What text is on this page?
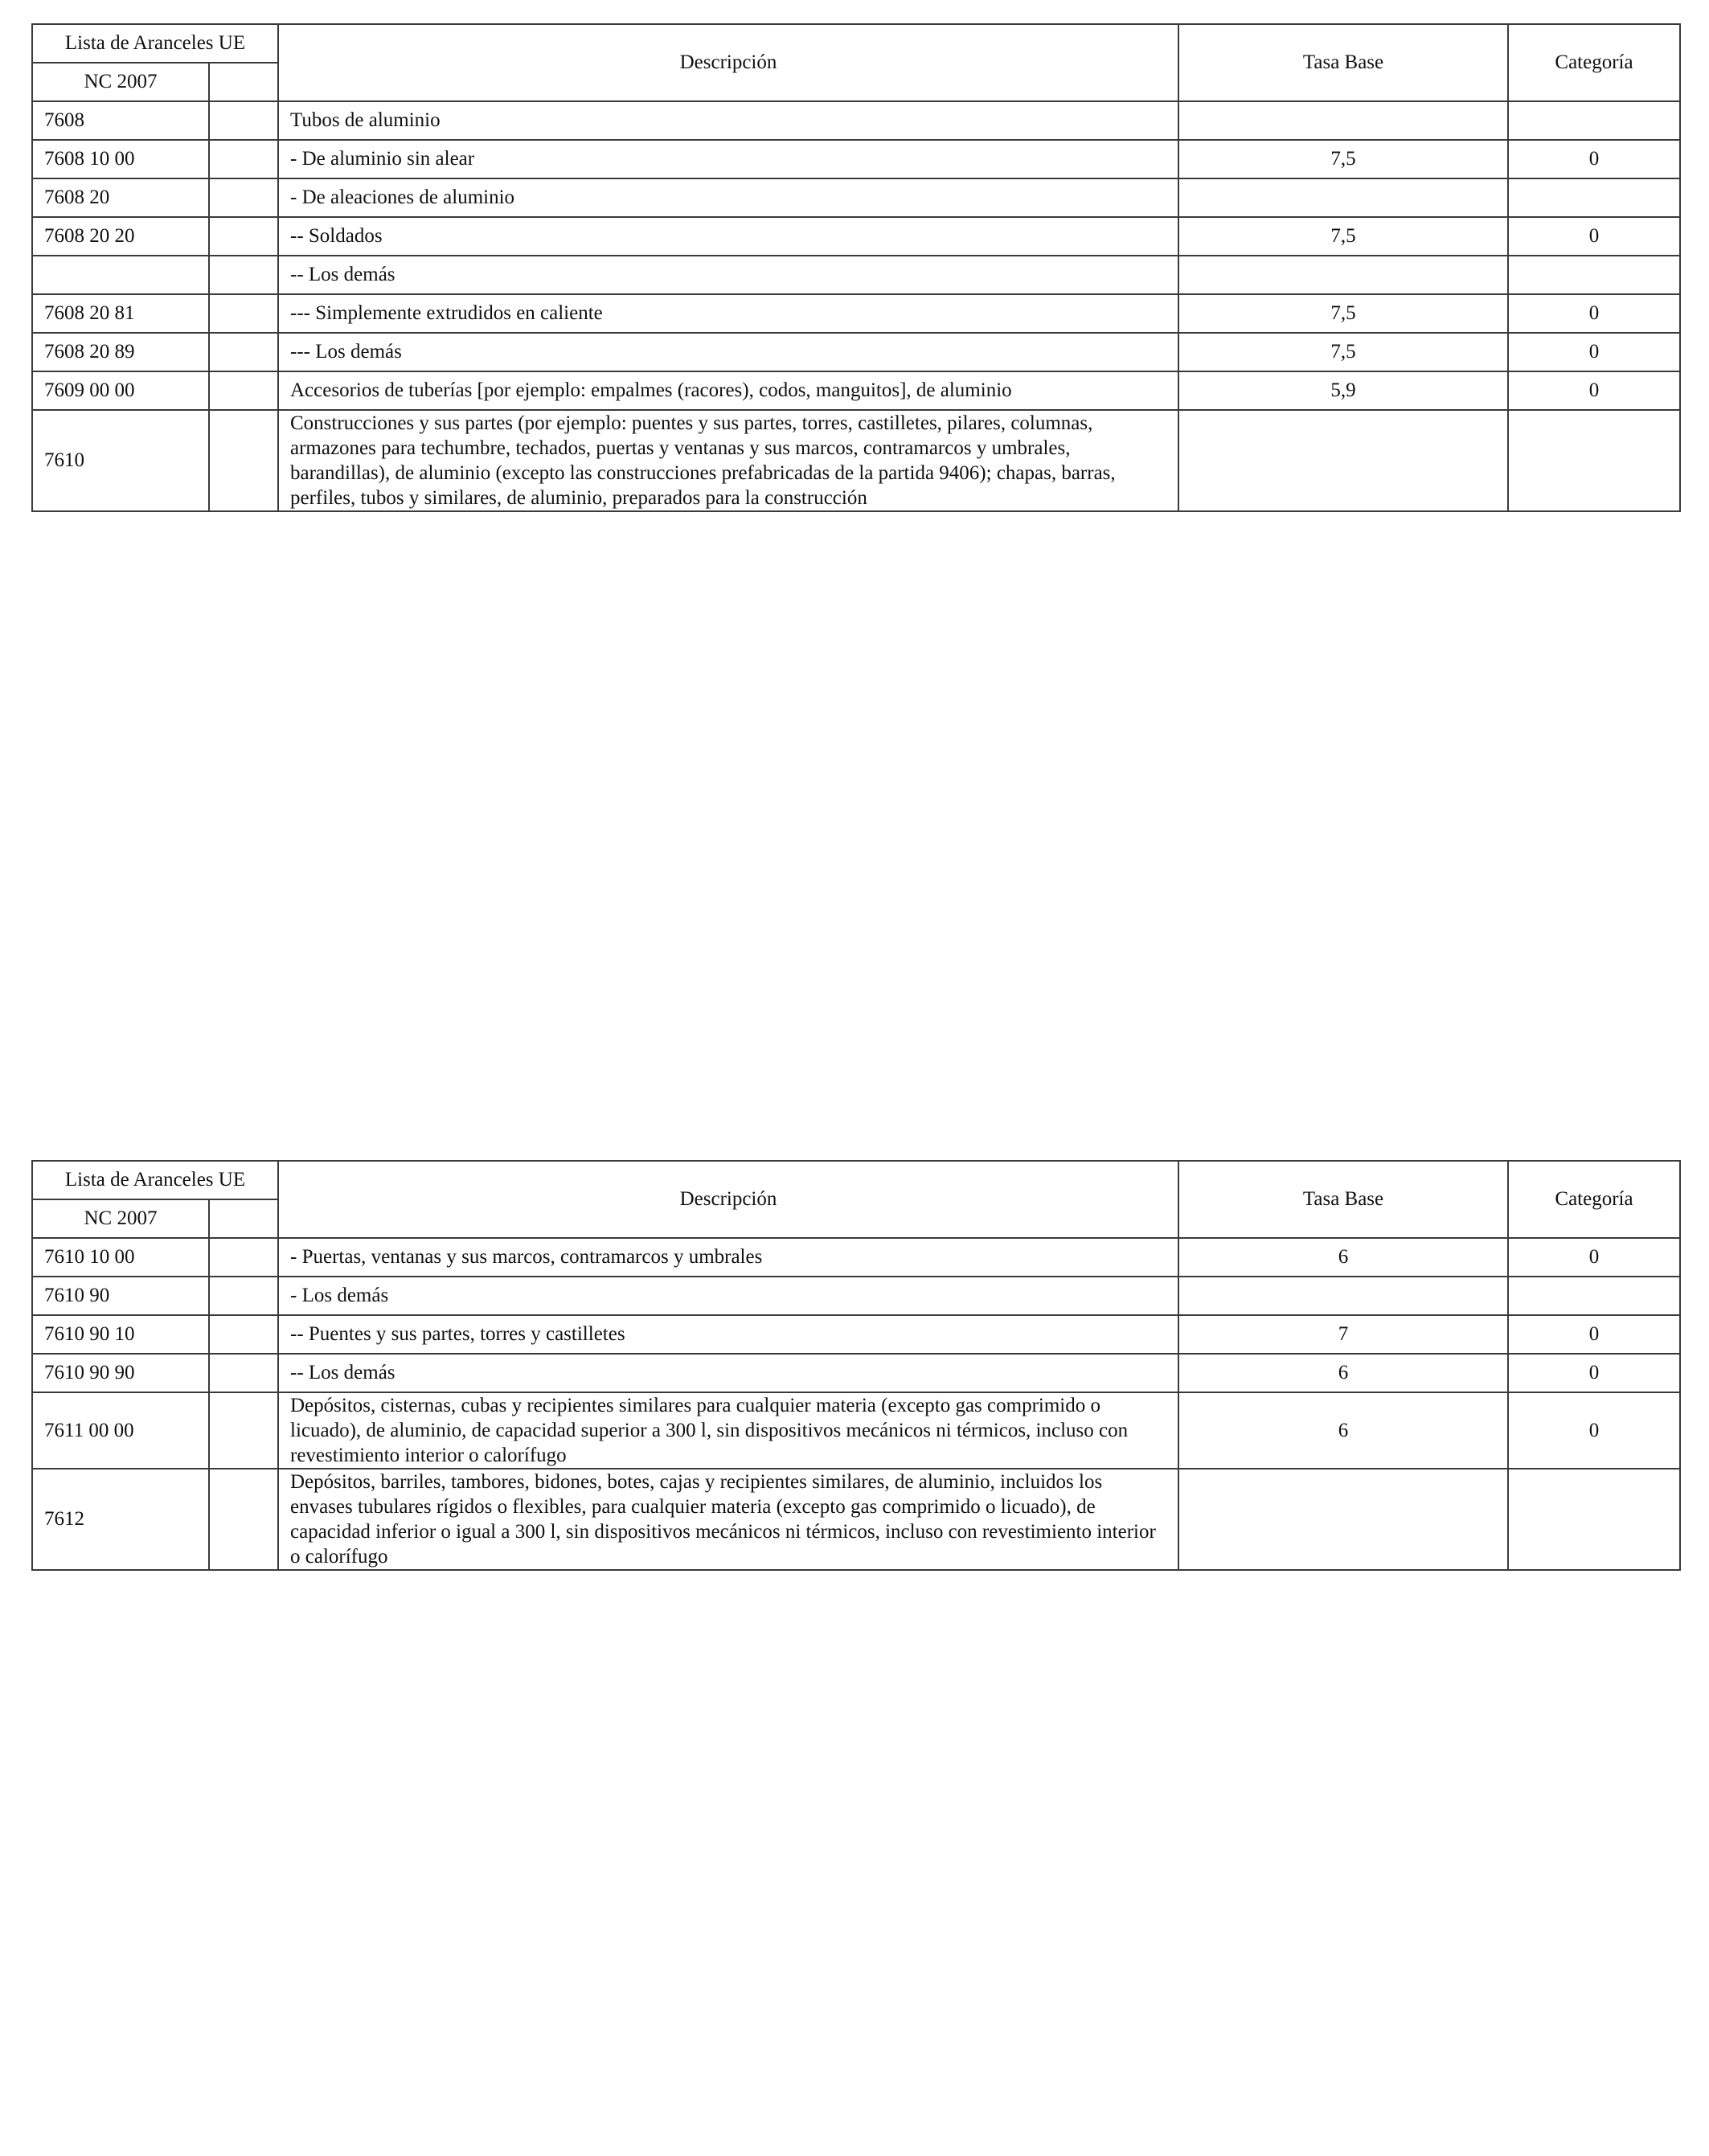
Lista de Aranceles UE		Descripción	Tasa Base	Categoría
NC 2007				
7608		Tubos de aluminio		
7608 10 00		- De aluminio sin alear	7,5	0
7608 20		- De aleaciones de aluminio		
7608 20 20		-- Soldados	7,5	0
		-- Los demás		
7608 20 81		--- Simplemente extrudidos en caliente	7,5	0
7608 20 89		--- Los demás	7,5	0
7609 00 00		Accesorios de tuberías [por ejemplo: empalmes (racores), codos, manguitos], de aluminio	5,9	0
7610		Construcciones y sus partes (por ejemplo: puentes y sus partes, torres, castilletes, pilares, columnas, armazones para techumbre, techados, puertas y ventanas y sus marcos, contramarcos y umbrales, barandillas), de aluminio (excepto las construcciones prefabricadas de la partida 9406); chapas, barras, perfiles, tubos y similares, de aluminio, preparados para la construcción		
Lista de Aranceles UE		Descripción	Tasa Base	Categoría
NC 2007				
7610 10 00		- Puertas, ventanas y sus marcos, contramarcos y umbrales	6	0
7610 90		- Los demás		
7610 90 10		-- Puentes y sus partes, torres y castilletes	7	0
7610 90 90		-- Los demás	6	0
7611 00 00		Depósitos, cisternas, cubas y recipientes similares para cualquier materia (excepto gas comprimido o licuado), de aluminio, de capacidad superior a 300 l, sin dispositivos mecánicos ni térmicos, incluso con revestimiento interior o calorífugo	6	0
7612		Depósitos, barriles, tambores, bidones, botes, cajas y recipientes similares, de aluminio, incluidos los envases tubulares rígidos o flexibles, para cualquier materia (excepto gas comprimido o licuado), de capacidad inferior o igual a 300 l, sin dispositivos mecánicos ni térmicos, incluso con revestimiento interior o calorífugo		
